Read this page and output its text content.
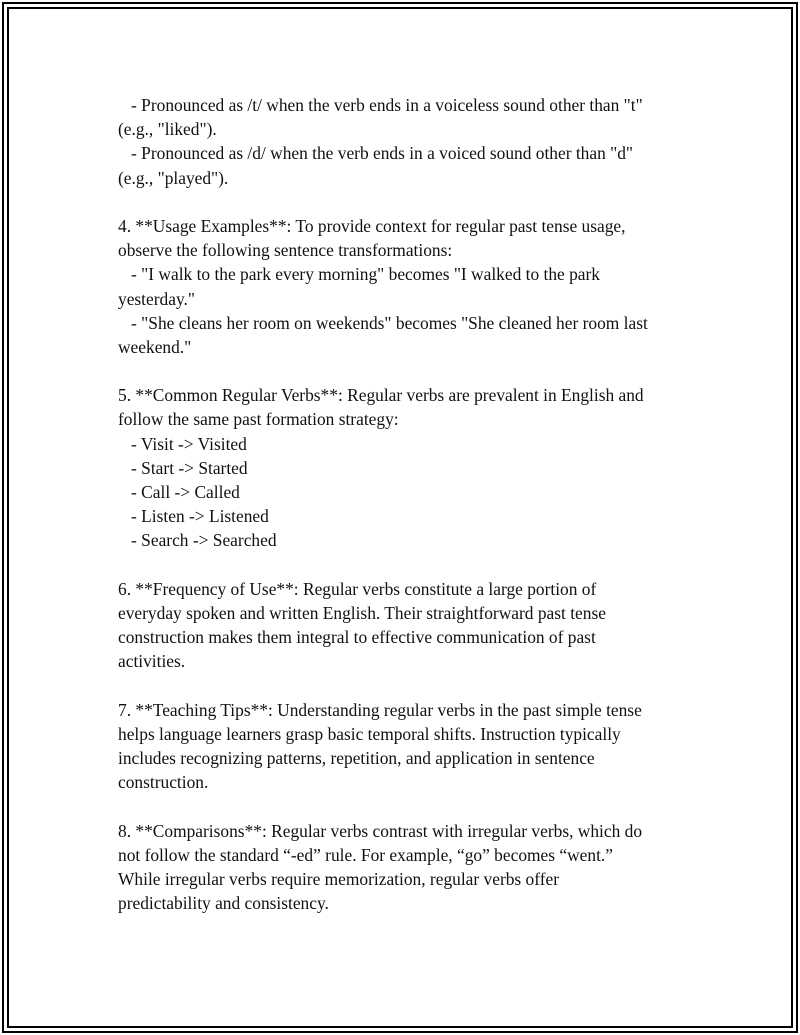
- Pronounced as /t/ when the verb ends in a voiceless sound other than "t"
(e.g., "liked").
- Pronounced as /d/ when the verb ends in a voiced sound other than "d"
(e.g., "played").
4. **Usage Examples**: To provide context for regular past tense usage,
observe the following sentence transformations:
- "I walk to the park every morning" becomes "I walked to the park
yesterday."
- "She cleans her room on weekends" becomes "She cleaned her room last
weekend."
5. **Common Regular Verbs**: Regular verbs are prevalent in English and
follow the same past formation strategy:
- Visit -> Visited
- Start -> Started
- Call -> Called
- Listen -> Listened
- Search -> Searched
6. **Frequency of Use**: Regular verbs constitute a large portion of
everyday spoken and written English. Their straightforward past tense
construction makes them integral to effective communication of past
activities.
7. **Teaching Tips**: Understanding regular verbs in the past simple tense
helps language learners grasp basic temporal shifts. Instruction typically
includes recognizing patterns, repetition, and application in sentence
construction.
8. **Comparisons**: Regular verbs contrast with irregular verbs, which do
not follow the standard “-ed” rule. For example, “go” becomes “went.”
While irregular verbs require memorization, regular verbs offer
predictability and consistency.
